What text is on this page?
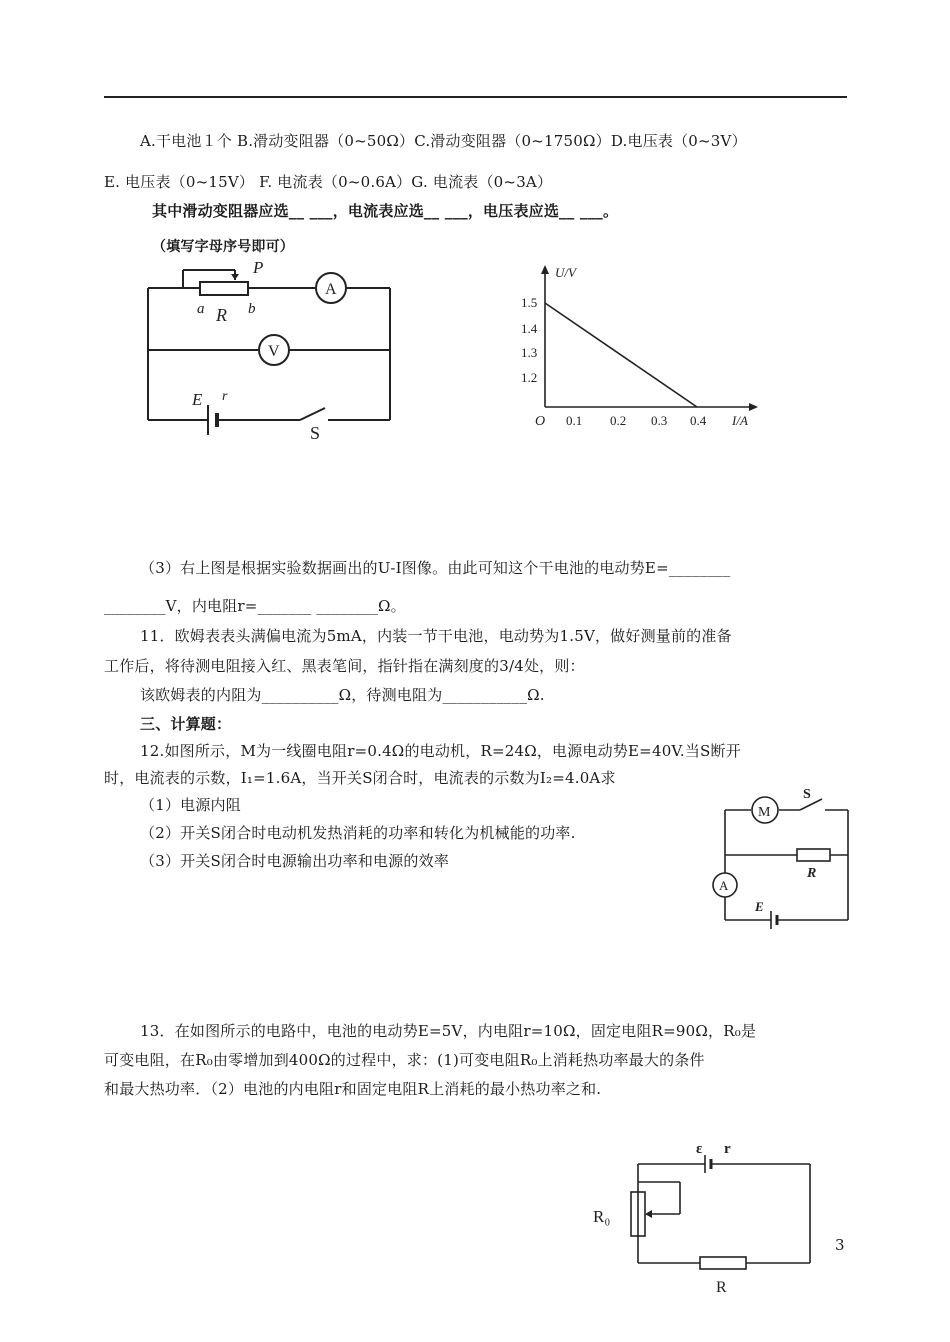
A.干电池１个 B.滑动变阻器（0~50Ω）C.滑动变阻器（0~1750Ω）D.电压表（0~3V）
E. 电压表（0~15V） F. 电流表（0~0.6A）G. 电流表（0~3A）
其中滑动变阻器应选__ ___，电流表应选__ ___，电压表应选__ ___。
（填写字母序号即可）
P
a R b
A
V
E r
S
U/V
I/A
O
1.5
1.4
1.3
1.2
0.1 0.2 0.3 0.4
（3）右上图是根据实验数据画出的U-I图像。由此可知这个干电池的电动势E=________
________V，内电阻r=_______ ________Ω。
11．欧姆表表头满偏电流为5mA，内装一节干电池，电动势为1.5V，做好测量前的准备
工作后，将待测电阻接入红、黑表笔间，指针指在满刻度的3/4处，则：
该欧姆表的内阻为__________Ω，待测电阻为___________Ω.
三、计算题：
12.如图所示，M为一线圈电阻r=0.4Ω的电动机，R=24Ω，电源电动势E=40V.当S断开
时，电流表的示数，I₁=1.6A，当开关S闭合时，电流表的示数为I₂=4.0A求
（1）电源内阻
（2）开关S闭合时电动机发热消耗的功率和转化为机械能的功率.
（3）开关S闭合时电源输出功率和电源的效率
M
S
R
A
E
13．在如图所示的电路中，电池的电动势E=5V，内电阻r=10Ω，固定电阻R=90Ω，R₀是
可变电阻，在R₀由零增加到400Ω的过程中，求：(1)可变电阻R₀上消耗热功率最大的条件
和最大热功率．（2）电池的内电阻r和固定电阻R上消耗的最小热功率之和.
ε r
R₀
R
3
